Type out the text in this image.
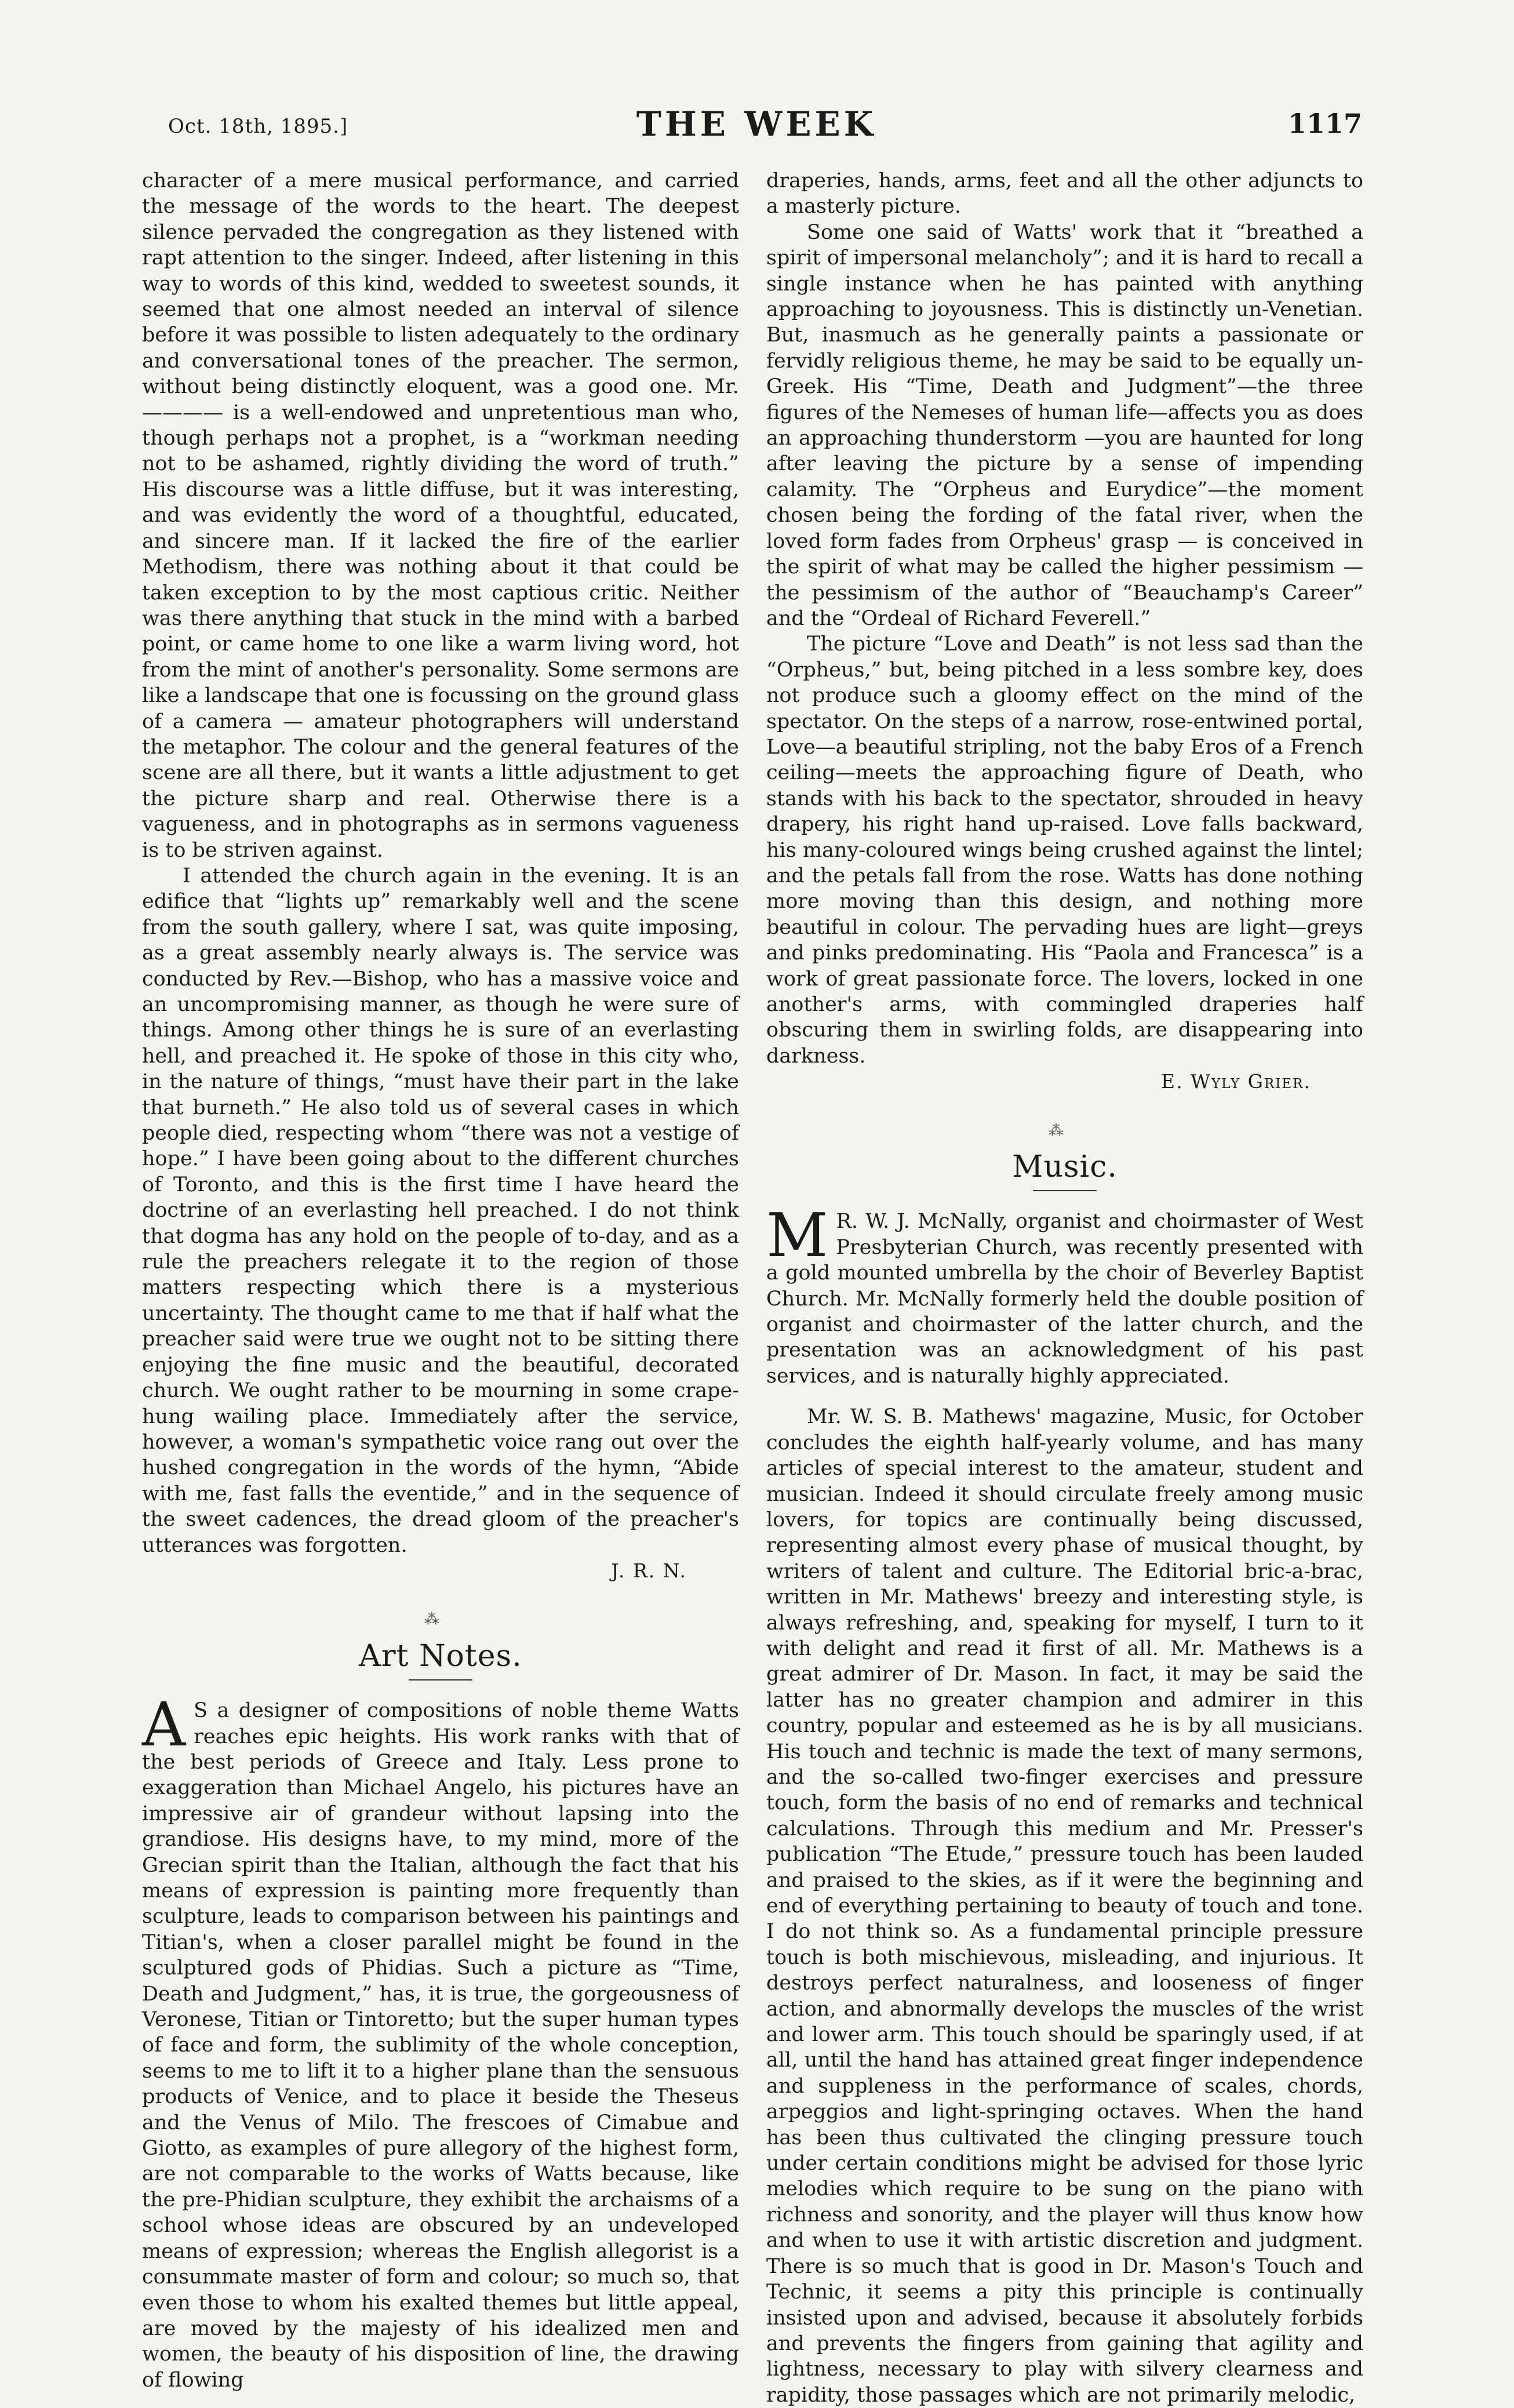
Oct. 18th, 1895.]	THE WEEK	1117

character of a mere musical performance, and carried the message of the words to the heart. The deepest silence pervaded the congregation as they listened with rapt attention to the singer. Indeed, after listening in this way to words of this kind, wedded to sweetest sounds, it seemed that one almost needed an interval of silence before it was possible to listen adequately to the ordinary and conversational tones of the preacher. The sermon, without being distinctly eloquent, was a good one. Mr. ———— is a well-endowed and unpretentious man who, though perhaps not a prophet, is a “workman needing not to be ashamed, rightly dividing the word of truth.” His discourse was a little diffuse, but it was interesting, and was evidently the word of a thoughtful, educated, and sincere man. If it lacked the fire of the earlier Methodism, there was nothing about it that could be taken exception to by the most captious critic. Neither was there anything that stuck in the mind with a barbed point, or came home to one like a warm living word, hot from the mint of another's personality. Some sermons are like a landscape that one is focussing on the ground glass of a camera — amateur photographers will understand the metaphor. The colour and the general features of the scene are all there, but it wants a little adjustment to get the picture sharp and real. Otherwise there is a vagueness, and in photographs as in sermons vagueness is to be striven against.

I attended the church again in the evening. It is an edifice that “lights up” remarkably well and the scene from the south gallery, where I sat, was quite imposing, as a great assembly nearly always is. The service was conducted by Rev.—Bishop, who has a massive voice and an uncompromising manner, as though he were sure of things. Among other things he is sure of an everlasting hell, and preached it. He spoke of those in this city who, in the nature of things, “must have their part in the lake that burneth.” He also told us of several cases in which people died, respecting whom “there was not a vestige of hope.” I have been going about to the different churches of Toronto, and this is the first time I have heard the doctrine of an everlasting hell preached. I do not think that dogma has any hold on the people of to-day, and as a rule the preachers relegate it to the region of those matters respecting which there is a mysterious uncertainty. The thought came to me that if half what the preacher said were true we ought not to be sitting there enjoying the fine music and the beautiful, decorated church. We ought rather to be mourning in some crape-hung wailing place. Immediately after the service, however, a woman's sympathetic voice rang out over the hushed congregation in the words of the hymn, “Abide with me, fast falls the eventide,” and in the sequence of the sweet cadences, the dread gloom of the preacher's utterances was forgotten.

J. R. N.
⁂
Art Notes.

A S a designer of compositions of noble theme Watts reaches epic heights. His work ranks with that of the best periods of Greece and Italy. Less prone to exaggeration than Michael Angelo, his pictures have an impressive air of grandeur without lapsing into the grandiose. His designs have, to my mind, more of the Grecian spirit than the Italian, although the fact that his means of expression is painting more frequently than sculpture, leads to comparison between his paintings and Titian's, when a closer parallel might be found in the sculptured gods of Phidias. Such a picture as “Time, Death and Judgment,” has, it is true, the gorgeousness of Veronese, Titian or Tintoretto; but the super human types of face and form, the sublimity of the whole conception, seems to me to lift it to a higher plane than the sensuous products of Venice, and to place it beside the Theseus and the Venus of Milo. The frescoes of Cimabue and Giotto, as examples of pure allegory of the highest form, are not comparable to the works of Watts because, like the pre-Phidian sculpture, they exhibit the archaisms of a school whose ideas are obscured by an undeveloped means of expression; whereas the English allegorist is a consummate master of form and colour; so much so, that even those to whom his exalted themes but little appeal, are moved by the majesty of his idealized men and women, the beauty of his disposition of line, the drawing of flowing

draperies, hands, arms, feet and all the other adjuncts to a masterly picture.

Some one said of Watts' work that it “breathed a spirit of impersonal melancholy”; and it is hard to recall a single instance when he has painted with anything approaching to joyousness. This is distinctly un-Venetian. But, inasmuch as he generally paints a passionate or fervidly religious theme, he may be said to be equally un-Greek. His “Time, Death and Judgment”—the three figures of the Nemeses of human life—affects you as does an approaching thunderstorm —you are haunted for long after leaving the picture by a sense of impending calamity. The “Orpheus and Eurydice”—the moment chosen being the fording of the fatal river, when the loved form fades from Orpheus' grasp — is conceived in the spirit of what may be called the higher pessimism — the pessimism of the author of “Beauchamp's Career” and the “Ordeal of Richard Feverell.”

The picture “Love and Death” is not less sad than the “Orpheus,” but, being pitched in a less sombre key, does not produce such a gloomy effect on the mind of the spectator. On the steps of a narrow, rose-entwined portal, Love—a beautiful stripling, not the baby Eros of a French ceiling—meets the approaching figure of Death, who stands with his back to the spectator, shrouded in heavy drapery, his right hand up-raised. Love falls backward, his many-coloured wings being crushed against the lintel; and the petals fall from the rose. Watts has done nothing more moving than this design, and nothing more beautiful in colour. The pervading hues are light—greys and pinks predominating. His “Paola and Francesca” is a work of great passionate force. The lovers, locked in one another's arms, with commingled draperies half obscuring them in swirling folds, are disappearing into darkness.

E. Wyly Grier.
⁂
Music.

M R. W. J. McNally, organist and choirmaster of West Presbyterian Church, was recently presented with a gold mounted umbrella by the choir of Beverley Baptist Church. Mr. McNally formerly held the double position of organist and choirmaster of the latter church, and the presentation was an acknowledgment of his past services, and is naturally highly appreciated.

Mr. W. S. B. Mathews' magazine, Music, for October concludes the eighth half-yearly volume, and has many articles of special interest to the amateur, student and musician. Indeed it should circulate freely among music lovers, for topics are continually being discussed, representing almost every phase of musical thought, by writers of talent and culture. The Editorial bric-a-brac, written in Mr. Mathews' breezy and interesting style, is always refreshing, and, speaking for myself, I turn to it with delight and read it first of all. Mr. Mathews is a great admirer of Dr. Mason. In fact, it may be said the latter has no greater champion and admirer in this country, popular and esteemed as he is by all musicians. His touch and technic is made the text of many sermons, and the so-called two-finger exercises and pressure touch, form the basis of no end of remarks and technical calculations. Through this medium and Mr. Presser's publication “The Etude,” pressure touch has been lauded and praised to the skies, as if it were the beginning and end of everything pertaining to beauty of touch and tone. I do not think so. As a fundamental principle pressure touch is both mischievous, misleading, and injurious. It destroys perfect naturalness, and looseness of finger action, and abnormally develops the muscles of the wrist and lower arm. This touch should be sparingly used, if at all, until the hand has attained great finger independence and suppleness in the performance of scales, chords, arpeggios and light-springing octaves. When the hand has been thus cultivated the clinging pressure touch under certain conditions might be advised for those lyric melodies which require to be sung on the piano with richness and sonority, and the player will thus know how and when to use it with artistic discretion and judgment. There is so much that is good in Dr. Mason's Touch and Technic, it seems a pity this principle is continually insisted upon and advised, because it absolutely forbids and prevents the fingers from gaining that agility and lightness, necessary to play with silvery clearness and rapidity, those passages which are not primarily melodic,
